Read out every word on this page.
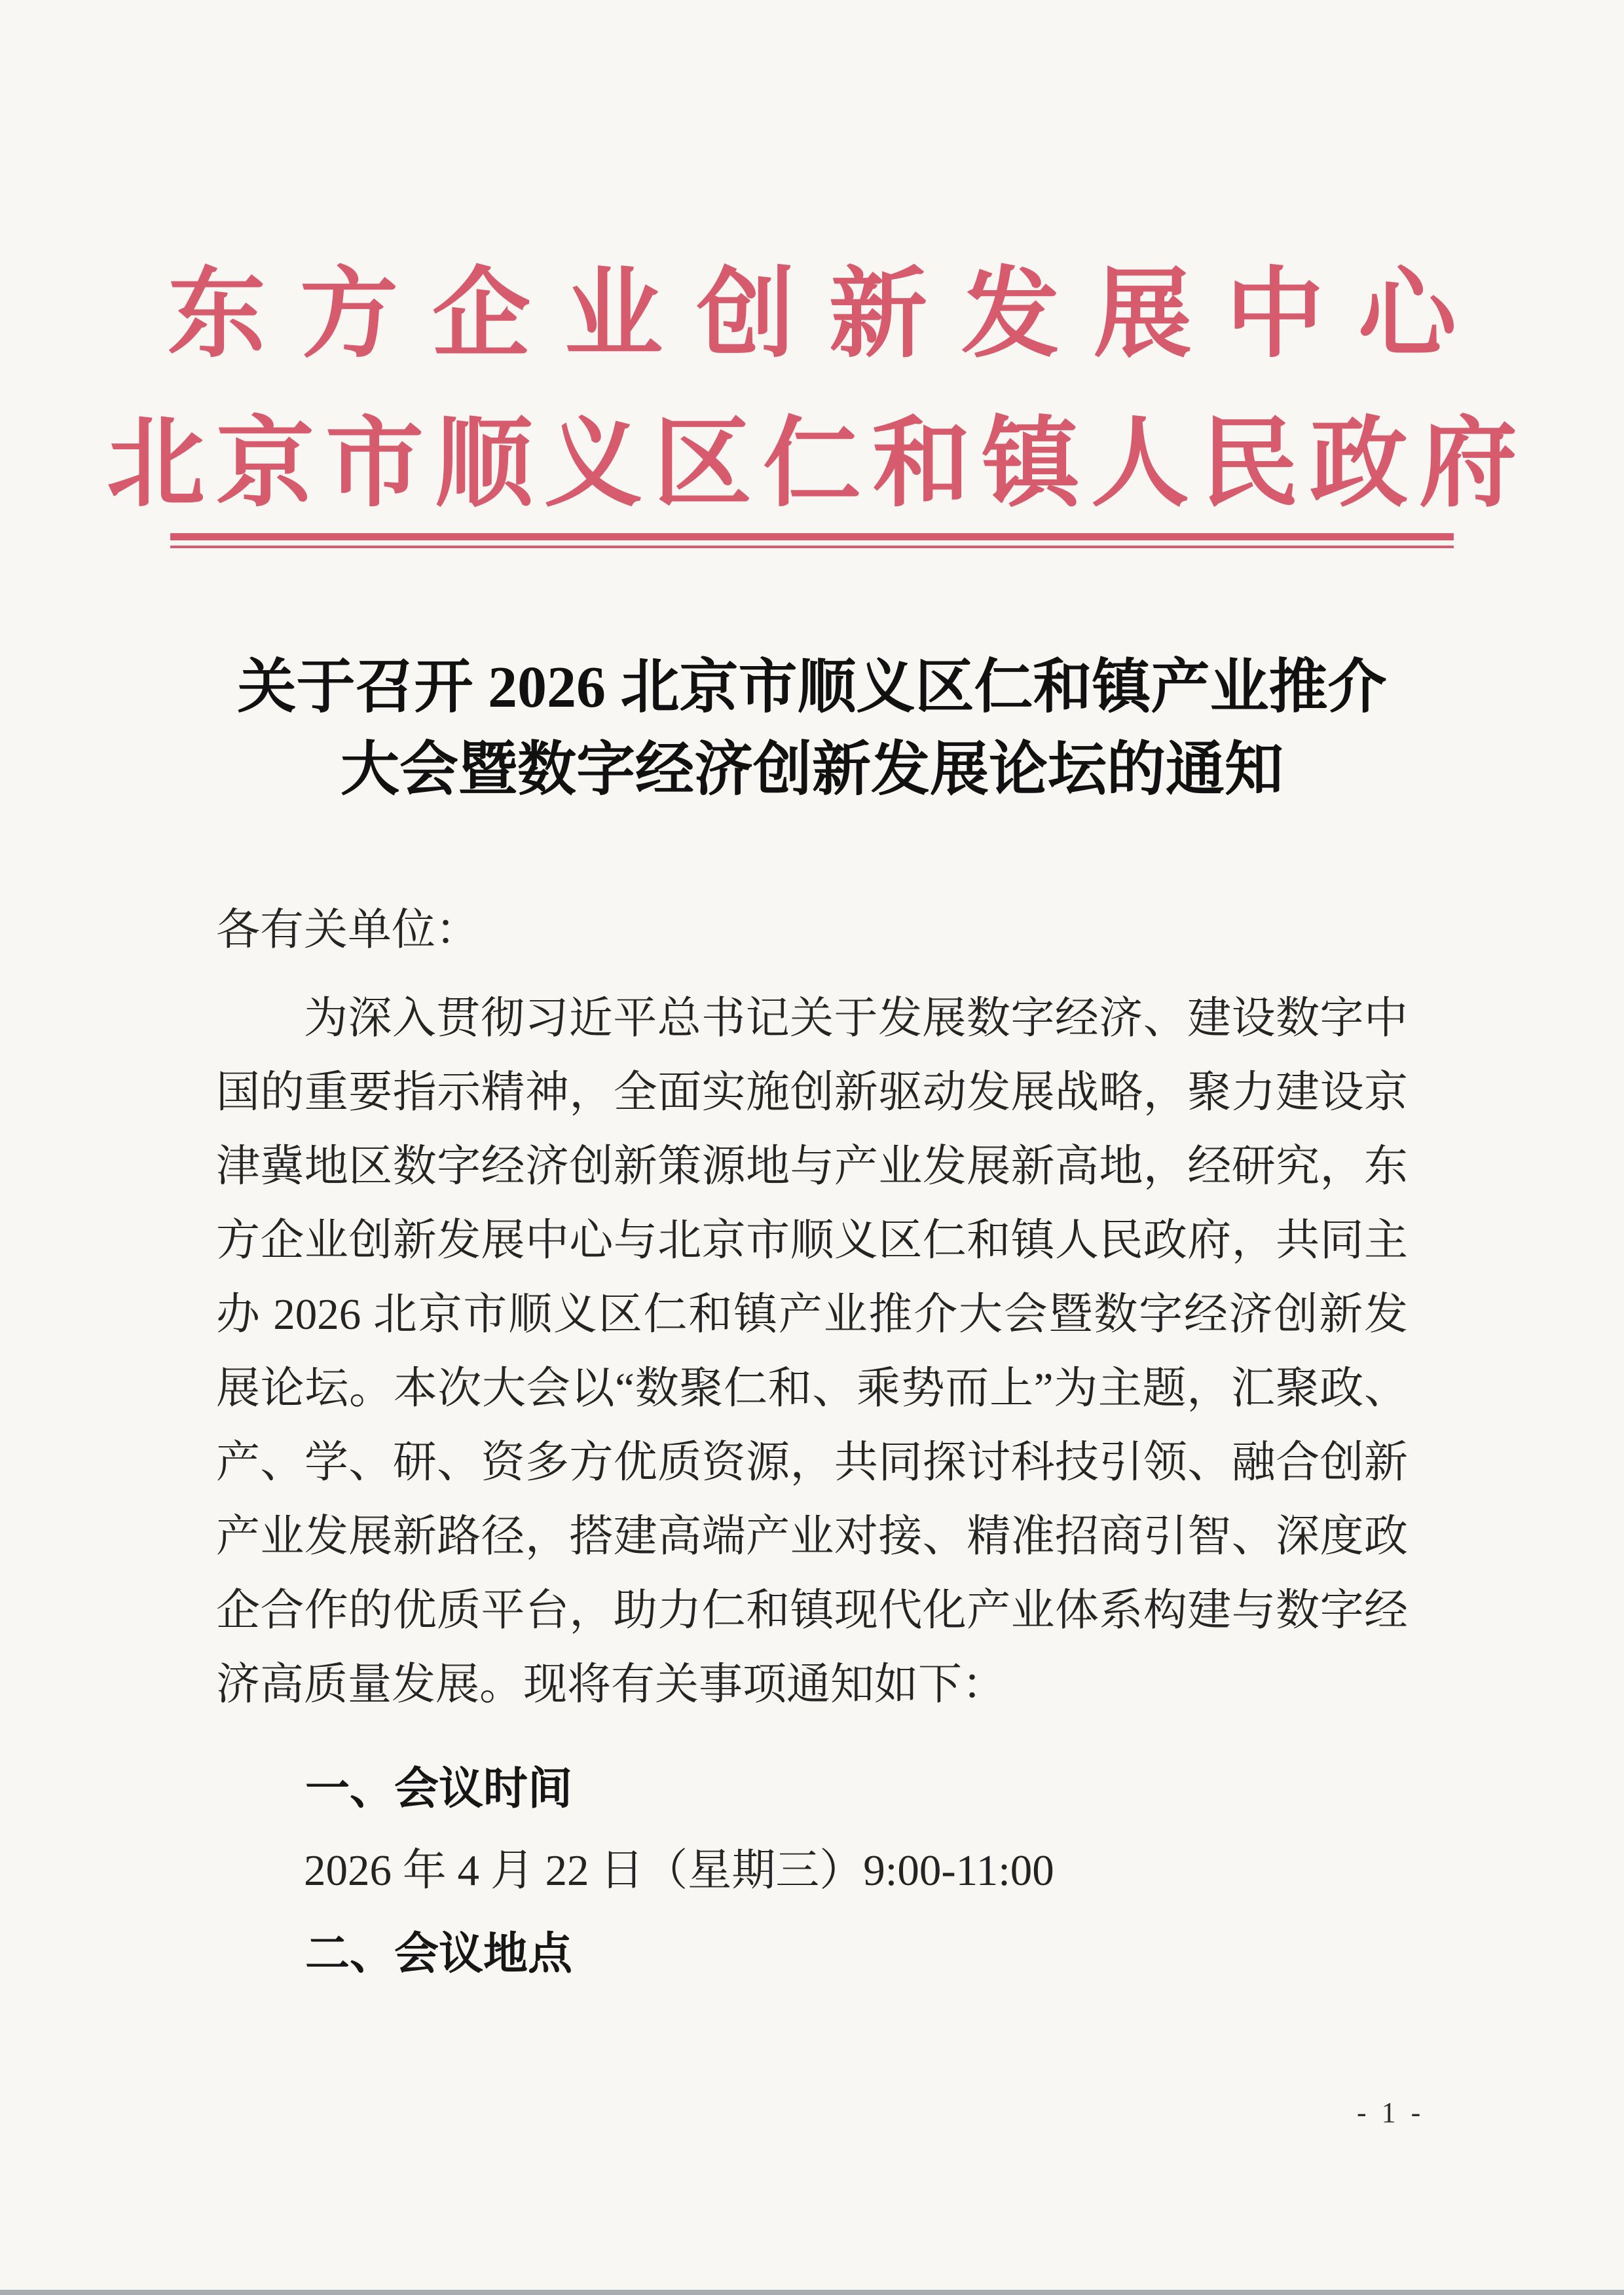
东方企业创新发展中心
北京市顺义区仁和镇人民政府
关于召开 2026 北京市顺义区仁和镇产业推介
大会暨数字经济创新发展论坛的通知
各有关单位：
为深入贯彻习近平总书记关于发展数字经济、建设数字中国的重要指示精神，全面实施创新驱动发展战略，聚力建设京津冀地区数字经济创新策源地与产业发展新高地，经研究，东方企业创新发展中心与北京市顺义区仁和镇人民政府，共同主办 2026 北京市顺义区仁和镇产业推介大会暨数字经济创新发展论坛。本次大会以“数聚仁和、乘势而上”为主题，汇聚政、产、学、研、资多方优质资源，共同探讨科技引领、融合创新产业发展新路径，搭建高端产业对接、精准招商引智、深度政企合作的优质平台，助力仁和镇现代化产业体系构建与数字经济高质量发展。现将有关事项通知如下：
一、会议时间
2026 年 4 月 22 日（星期三）9:00-11:00
二、会议地点
- 1 -
